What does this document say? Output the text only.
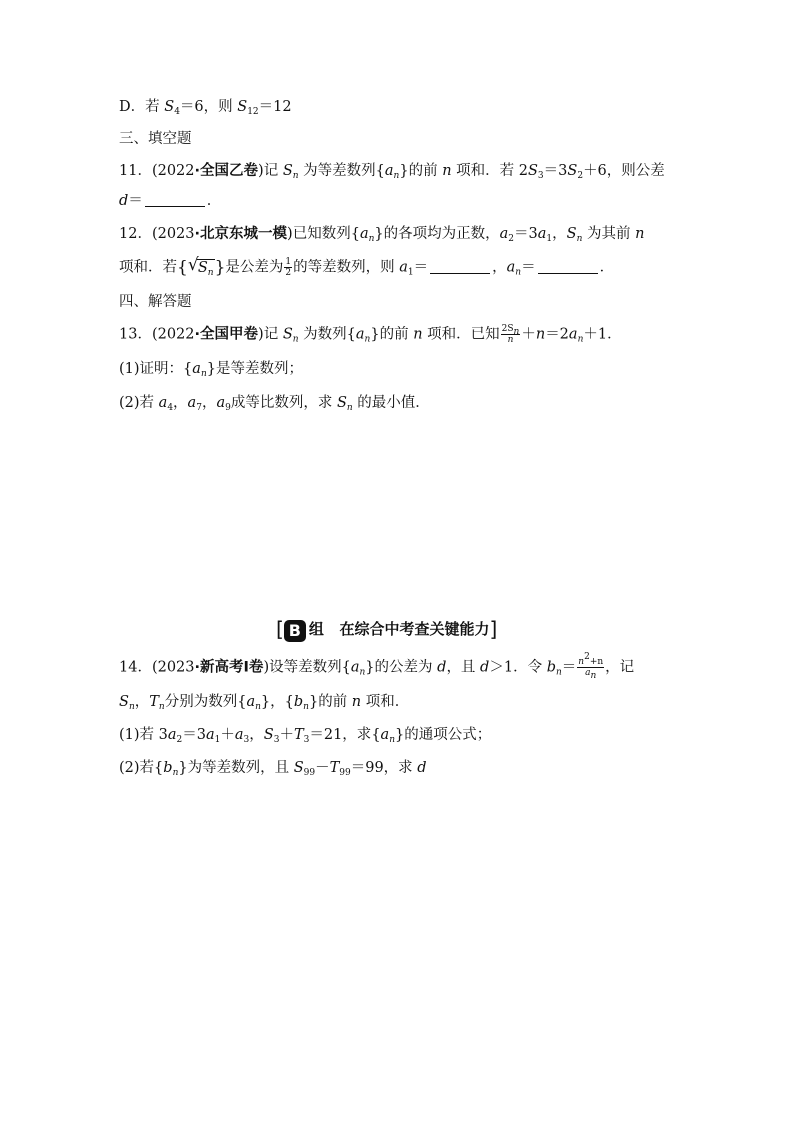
D．若 $S_4=6$，则 $S_{12}=12$
三、填空题
11．(2022·全国乙卷)记 $S_n$ 为等差数列$\{a_n\}$的前 n 项和．若 $2S_3=3S_2+6$，则公差
d＝	．
12．(2023·北京东城一模)已知数列$\{a_n\}$的各项均为正数，$a_2=3a_1$，$S_n$ 为其前 n
项和．若{ √ $S_n$}是公差为 $\frac{1}{2}$ 的等差数列，则 $a_1=$	，$a_n=$	．
四、解答题
13．(2022·全国甲卷)记 $S_n$ 为数列$\{a_n\}$的前 n 项和．已知 $\frac{2S_n}{n} +n=2a_n+1$．
(1)证明：$\{a_n\}$是等差数列；
(2)若 $a_4$，$a_7$，$a_9$成等比数列，求 $S_n$ 的最小值．
[ B 组 在综合中考查关键能力]
14．(2023·新高考Ⅰ卷)设等差数列$\{a_n\}$的公差为 d，且 d＞1．令 $b_n= \frac{n^2+n}{a_n}$ ，记
$S_n$，$T_n$分别为数列$\{a_n\}$，$\{b_n\}$的前 n 项和．
(1)若 $3a_2=3a_1+a_3$，$S_3+T_3=21$，求$\{a_n\}$的通项公式；
(2)若$\{b_n\}$为等差数列，且 $S_{99}-T_{99}=99$，求 d
